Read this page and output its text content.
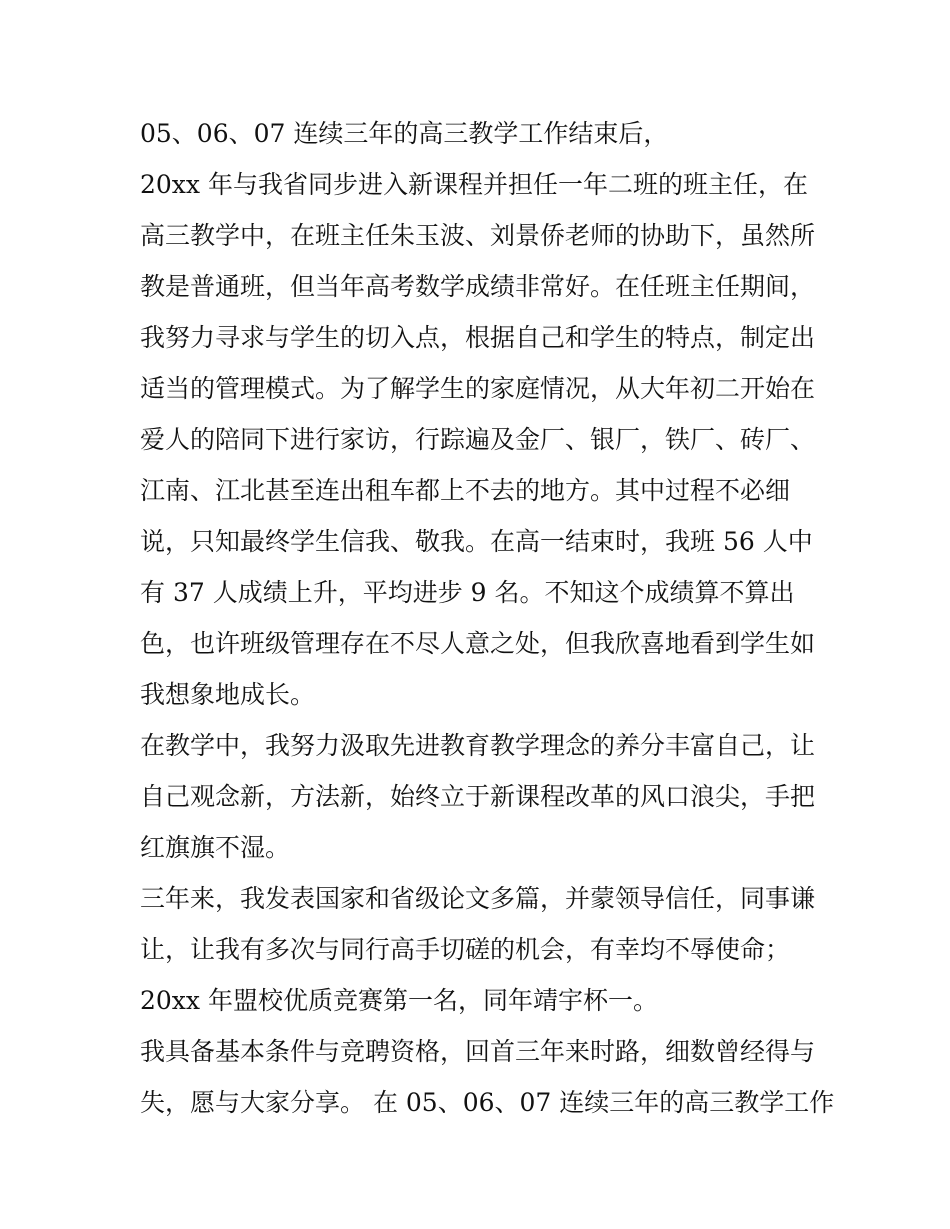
05、06、07 连续三年的高三教学工作结束后，
20xx 年与我省同步进入新课程并担任一年二班的班主任，在
高三教学中，在班主任朱玉波、刘景侨老师的协助下，虽然所
教是普通班，但当年高考数学成绩非常好。在任班主任期间，
我努力寻求与学生的切入点，根据自己和学生的特点，制定出
适当的管理模式。为了解学生的家庭情况，从大年初二开始在
爱人的陪同下进行家访，行踪遍及金厂、银厂，铁厂、砖厂、
江南、江北甚至连出租车都上不去的地方。其中过程不必细
说，只知最终学生信我、敬我。在高一结束时，我班 56 人中
有 37 人成绩上升，平均进步 9 名。不知这个成绩算不算出
色，也许班级管理存在不尽人意之处，但我欣喜地看到学生如
我想象地成长。
在教学中，我努力汲取先进教育教学理念的养分丰富自己，让
自己观念新，方法新，始终立于新课程改革的风口浪尖，手把
红旗旗不湿。
三年来，我发表国家和省级论文多篇，并蒙领导信任，同事谦
让，让我有多次与同行高手切磋的机会，有幸均不辱使命；
20xx 年盟校优质竞赛第一名，同年靖宇杯一。
我具备基本条件与竞聘资格，回首三年来时路，细数曾经得与
失，愿与大家分享。 在 05、06、07 连续三年的高三教学工作
